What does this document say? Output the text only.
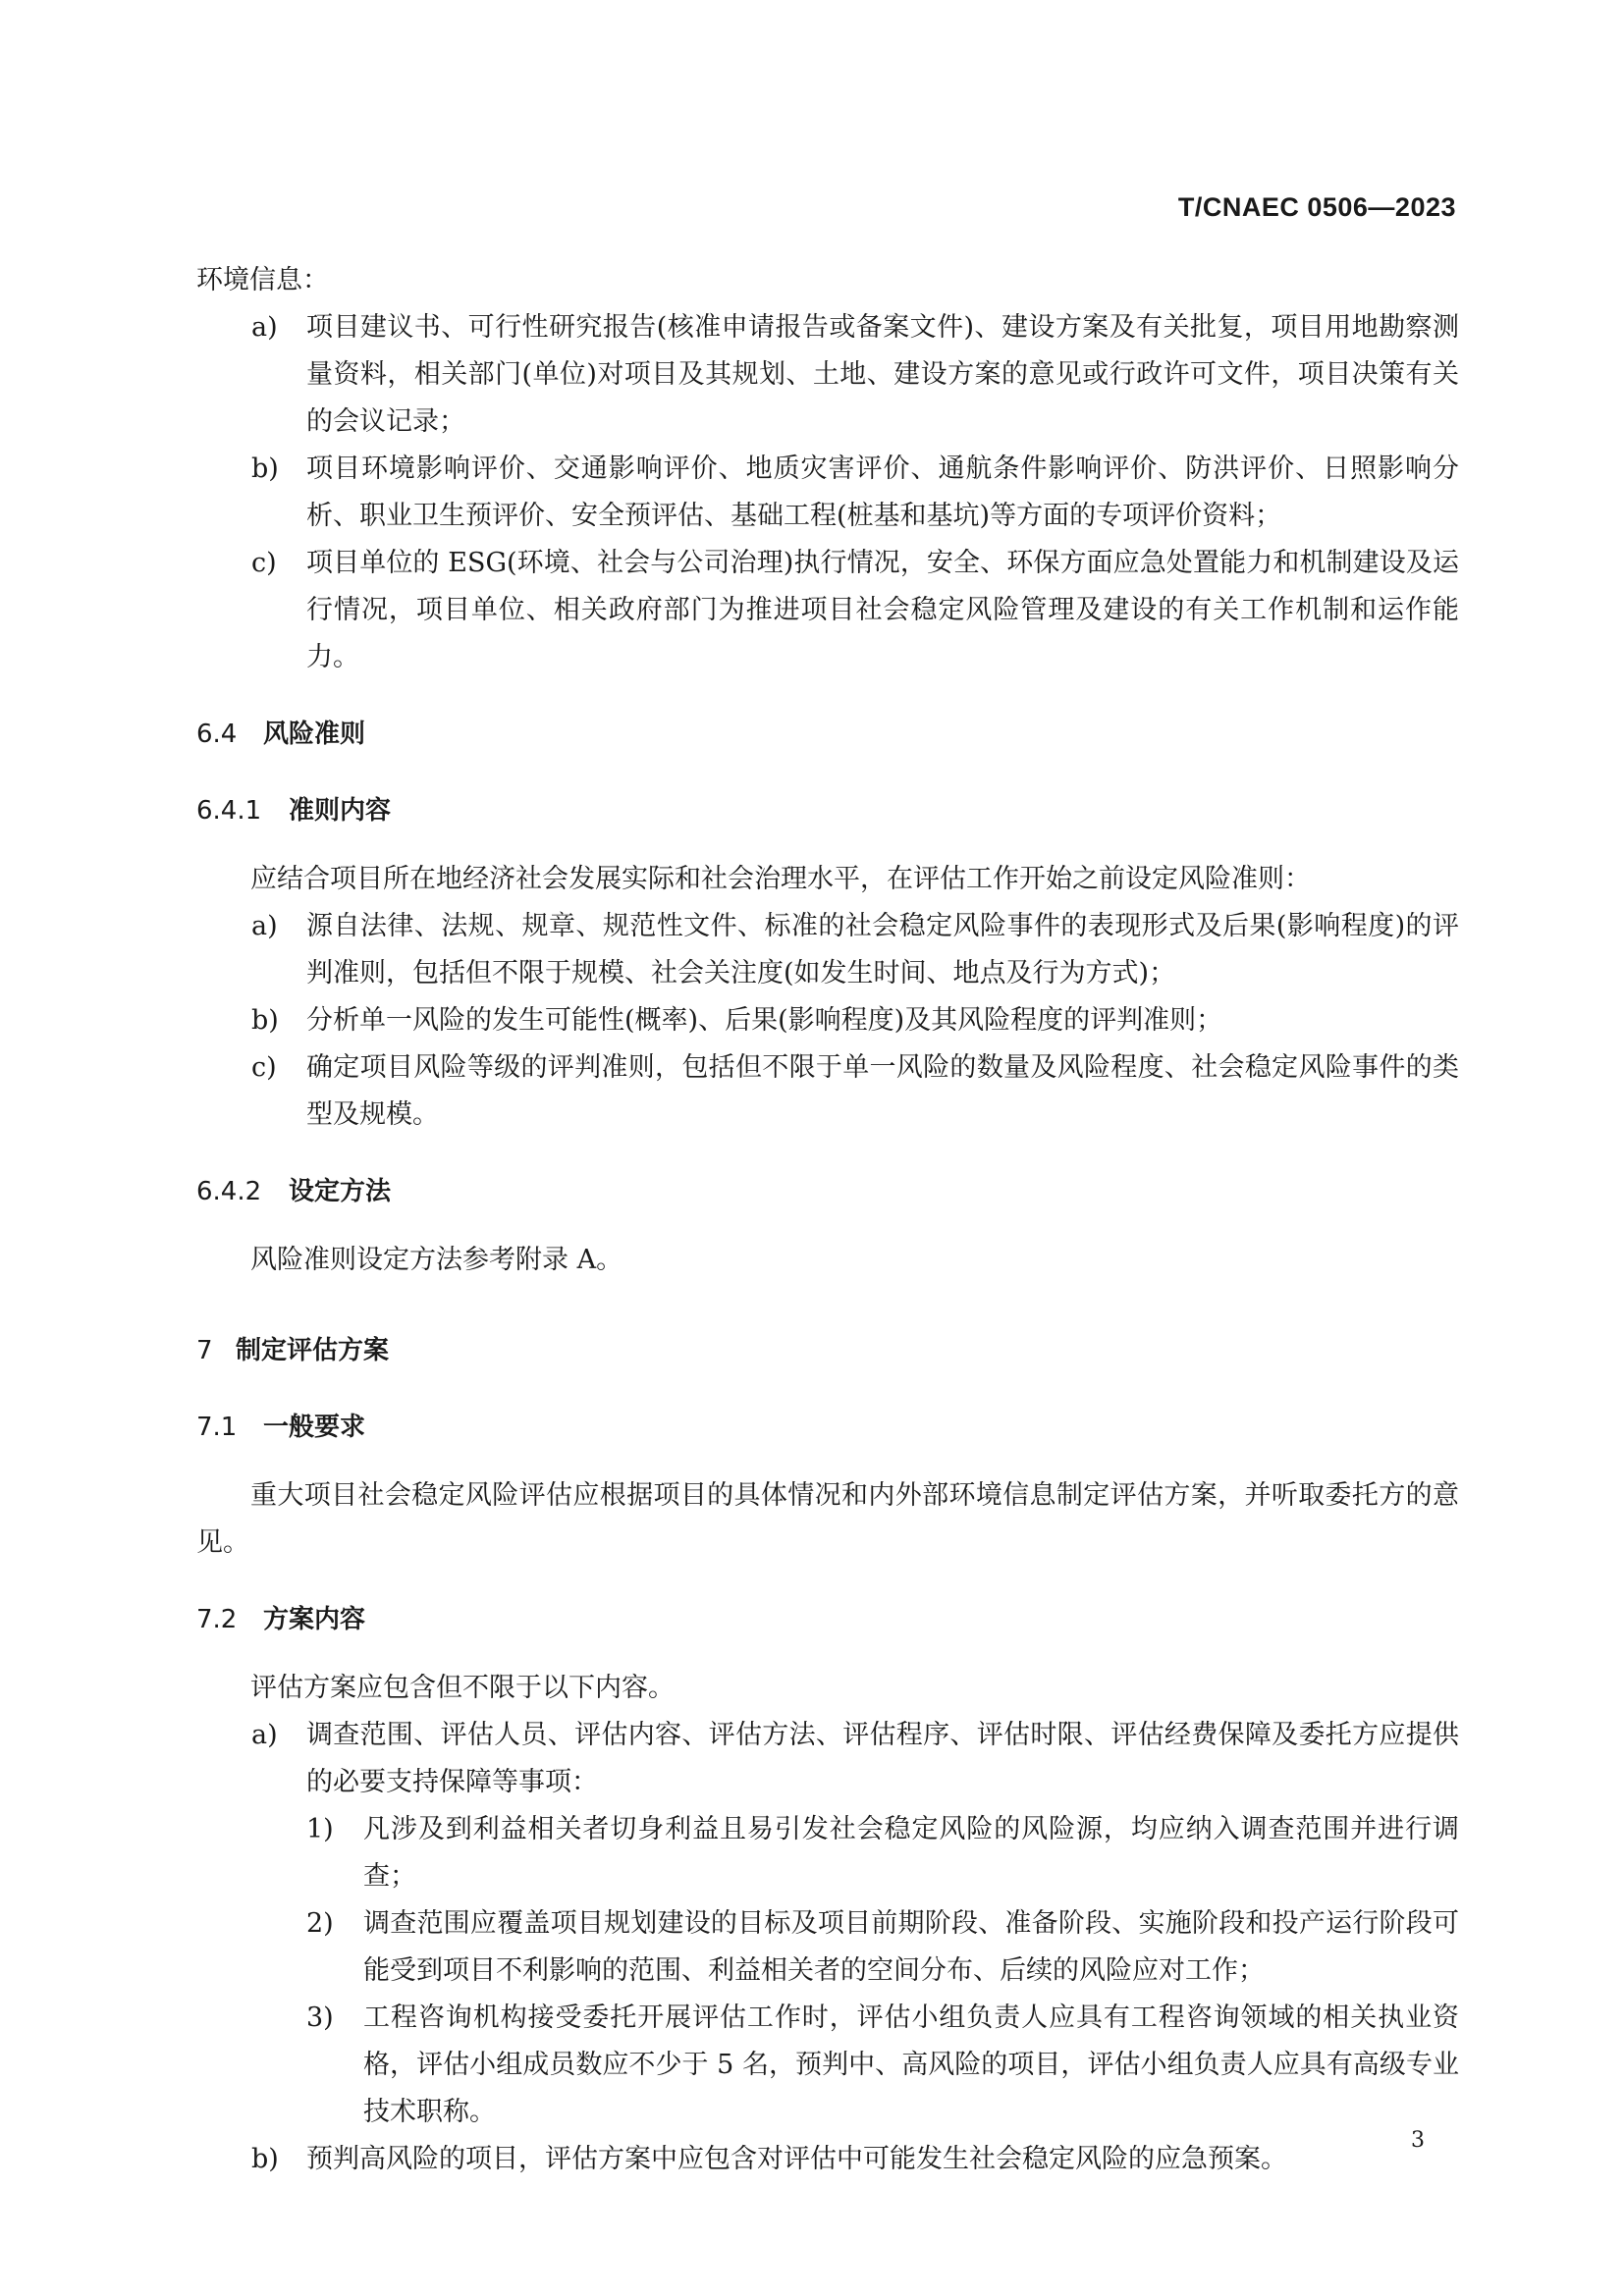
T/CNAEC 0506—2023

环境信息：

a) 项目建议书、可行性研究报告(核准申请报告或备案文件)、建设方案及有关批复，项目用地勘察测量资料，相关部门(单位)对项目及其规划、土地、建设方案的意见或行政许可文件，项目决策有关的会议记录；
b) 项目环境影响评价、交通影响评价、地质灾害评价、通航条件影响评价、防洪评价、日照影响分析、职业卫生预评价、安全预评估、基础工程(桩基和基坑)等方面的专项评价资料；
c) 项目单位的 ESG(环境、社会与公司治理)执行情况，安全、环保方面应急处置能力和机制建设及运行情况，项目单位、相关政府部门为推进项目社会稳定风险管理及建设的有关工作机制和运作能力。
6.4 风险准则
6.4.1 准则内容

应结合项目所在地经济社会发展实际和社会治理水平，在评估工作开始之前设定风险准则：

a) 源自法律、法规、规章、规范性文件、标准的社会稳定风险事件的表现形式及后果(影响程度)的评判准则，包括但不限于规模、社会关注度(如发生时间、地点及行为方式)；
b) 分析单一风险的发生可能性(概率)、后果(影响程度)及其风险程度的评判准则；
c) 确定项目风险等级的评判准则，包括但不限于单一风险的数量及风险程度、社会稳定风险事件的类型及规模。
6.4.2 设定方法

风险准则设定方法参考附录 A。

7 制定评估方案
7.1 一般要求

重大项目社会稳定风险评估应根据项目的具体情况和内外部环境信息制定评估方案，并听取委托方的意见。

7.2 方案内容

评估方案应包含但不限于以下内容。

a) 调查范围、评估人员、评估内容、评估方法、评估程序、评估时限、评估经费保障及委托方应提供的必要支持保障等事项：
1) 凡涉及到利益相关者切身利益且易引发社会稳定风险的风险源，均应纳入调查范围并进行调查；
2) 调查范围应覆盖项目规划建设的目标及项目前期阶段、准备阶段、实施阶段和投产运行阶段可能受到项目不利影响的范围、利益相关者的空间分布、后续的风险应对工作；
3) 工程咨询机构接受委托开展评估工作时，评估小组负责人应具有工程咨询领域的相关执业资格，评估小组成员数应不少于 5 名，预判中、高风险的项目，评估小组负责人应具有高级专业技术职称。
b) 预判高风险的项目，评估方案中应包含对评估中可能发生社会稳定风险的应急预案。
3
